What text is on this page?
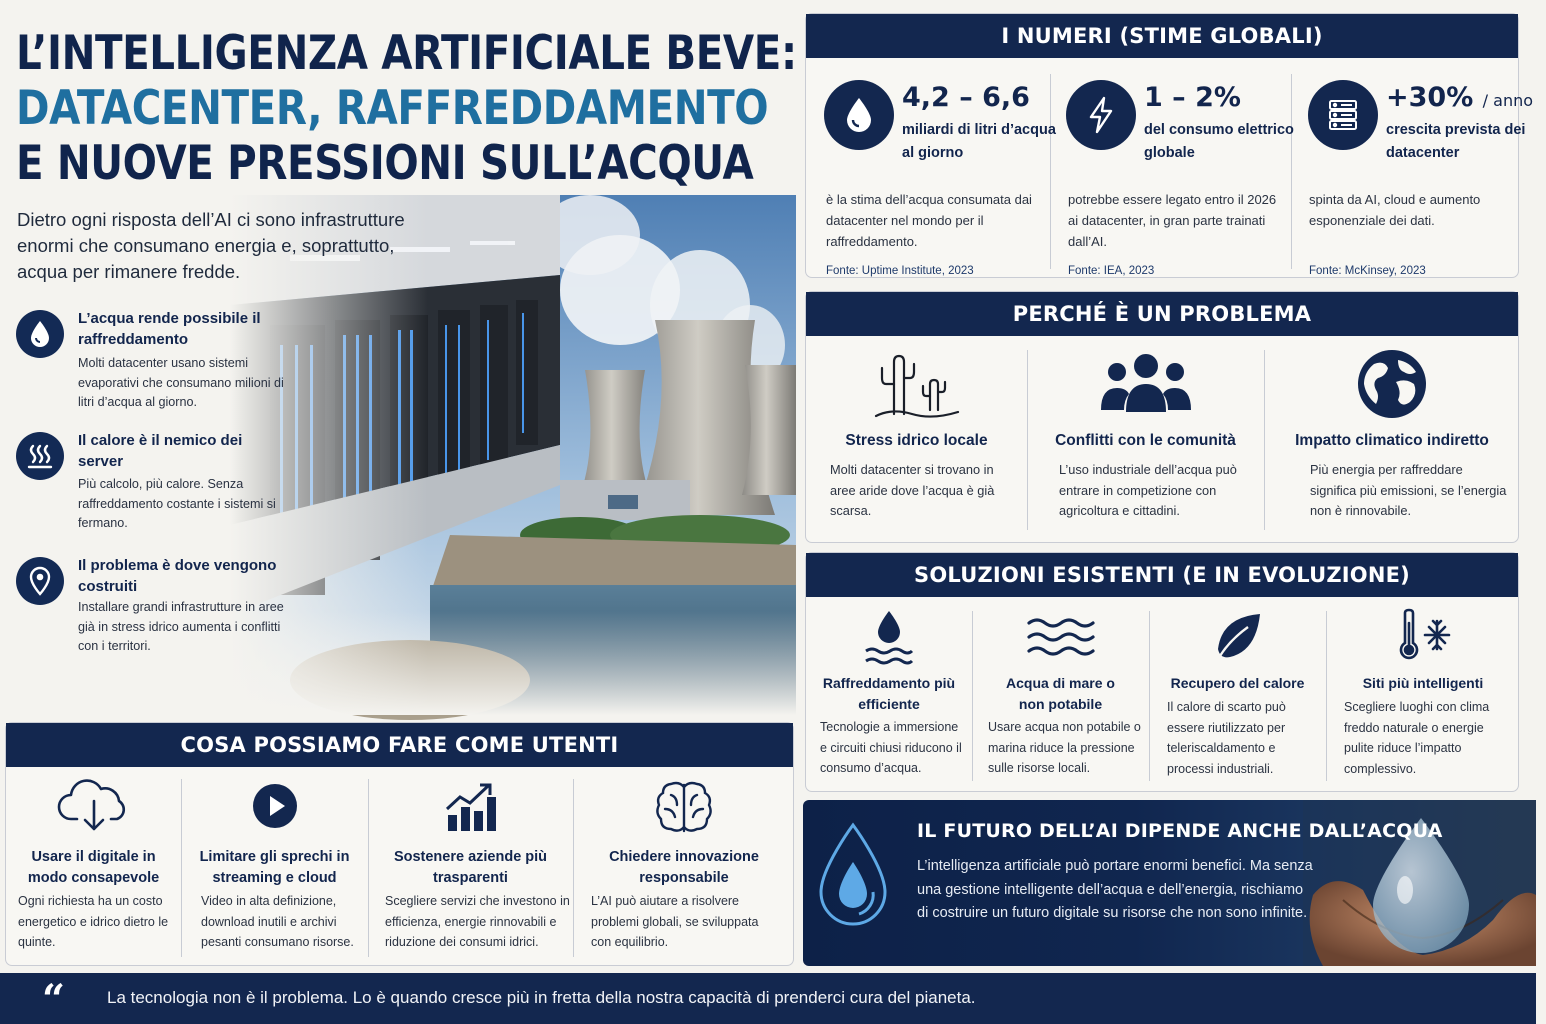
L’INTELLIGENZA ARTIFICIALE BEVE:
DATACENTER, RAFFREDDAMENTO
E NUOVE PRESSIONI SULL’ACQUA

Dietro ogni risposta dell’AI ci sono infrastrutture enormi che consumano energia e, soprattutto, acqua per rimanere fredde.

L’acqua rende possibile il raffreddamento
Molti datacenter usano sistemi evaporativi che consumano milioni di litri d’acqua al giorno.
Il calore è il nemico dei server
Più calcolo, più calore. Senza raffreddamento costante i sistemi si fermano.
Il problema è dove vengono costruiti
Installare grandi infrastrutture in aree già in stress idrico aumenta i conflitti con i territori.
I NUMERI (STIME GLOBALI)
4,2 – 6,6
miliardi di litri d’acqua al giorno
è la stima dell’acqua consumata dai datacenter nel mondo per il raffreddamento.
Fonte: Uptime Institute, 2023
1 – 2%
del consumo elettrico globale
potrebbe essere legato entro il 2026 ai datacenter, in gran parte trainati dall’AI.
Fonte: IEA, 2023
+30% / anno
crescita prevista dei datacenter
spinta da AI, cloud e aumento esponenziale dei dati.
Fonte: McKinsey, 2023
PERCHÉ È UN PROBLEMA
Stress idrico locale
Molti datacenter si trovano in aree aride dove l’acqua è già scarsa.
Conflitti con le comunità
L’uso industriale dell’acqua può entrare in competizione con agricoltura e cittadini.
Impatto climatico indiretto
Più energia per raffreddare significa più emissioni, se l’energia non è rinnovabile.
SOLUZIONI ESISTENTI (E IN EVOLUZIONE)
Raffreddamento più efficiente
Tecnologie a immersione e circuiti chiusi riducono il consumo d’acqua.
Acqua di mare o non potabile
Usare acqua non potabile o marina riduce la pressione sulle risorse locali.
Recupero del calore
Il calore di scarto può essere riutilizzato per teleriscaldamento e processi industriali.
Siti più intelligenti
Scegliere luoghi con clima freddo naturale o energie pulite riduce l’impatto complessivo.
COSA POSSIAMO FARE COME UTENTI
Usare il digitale in modo consapevole
Ogni richiesta ha un costo energetico e idrico dietro le quinte.
Limitare gli sprechi in streaming e cloud
Video in alta definizione, download inutili e archivi pesanti consumano risorse.
Sostenere aziende più trasparenti
Scegliere servizi che investono in efficienza, energie rinnovabili e riduzione dei consumi idrici.
Chiedere innovazione responsabile
L’AI può aiutare a risolvere problemi globali, se sviluppata con equilibrio.
IL FUTURO DELL’AI DIPENDE ANCHE DALL’ACQUA
L’intelligenza artificiale può portare enormi benefici. Ma senza una gestione intelligente dell’acqua e dell’energia, rischiamo di costruire un futuro digitale su risorse che non sono infinite.
“ La tecnologia non è il problema. Lo è quando cresce più in fretta della nostra capacità di prenderci cura del pianeta.
